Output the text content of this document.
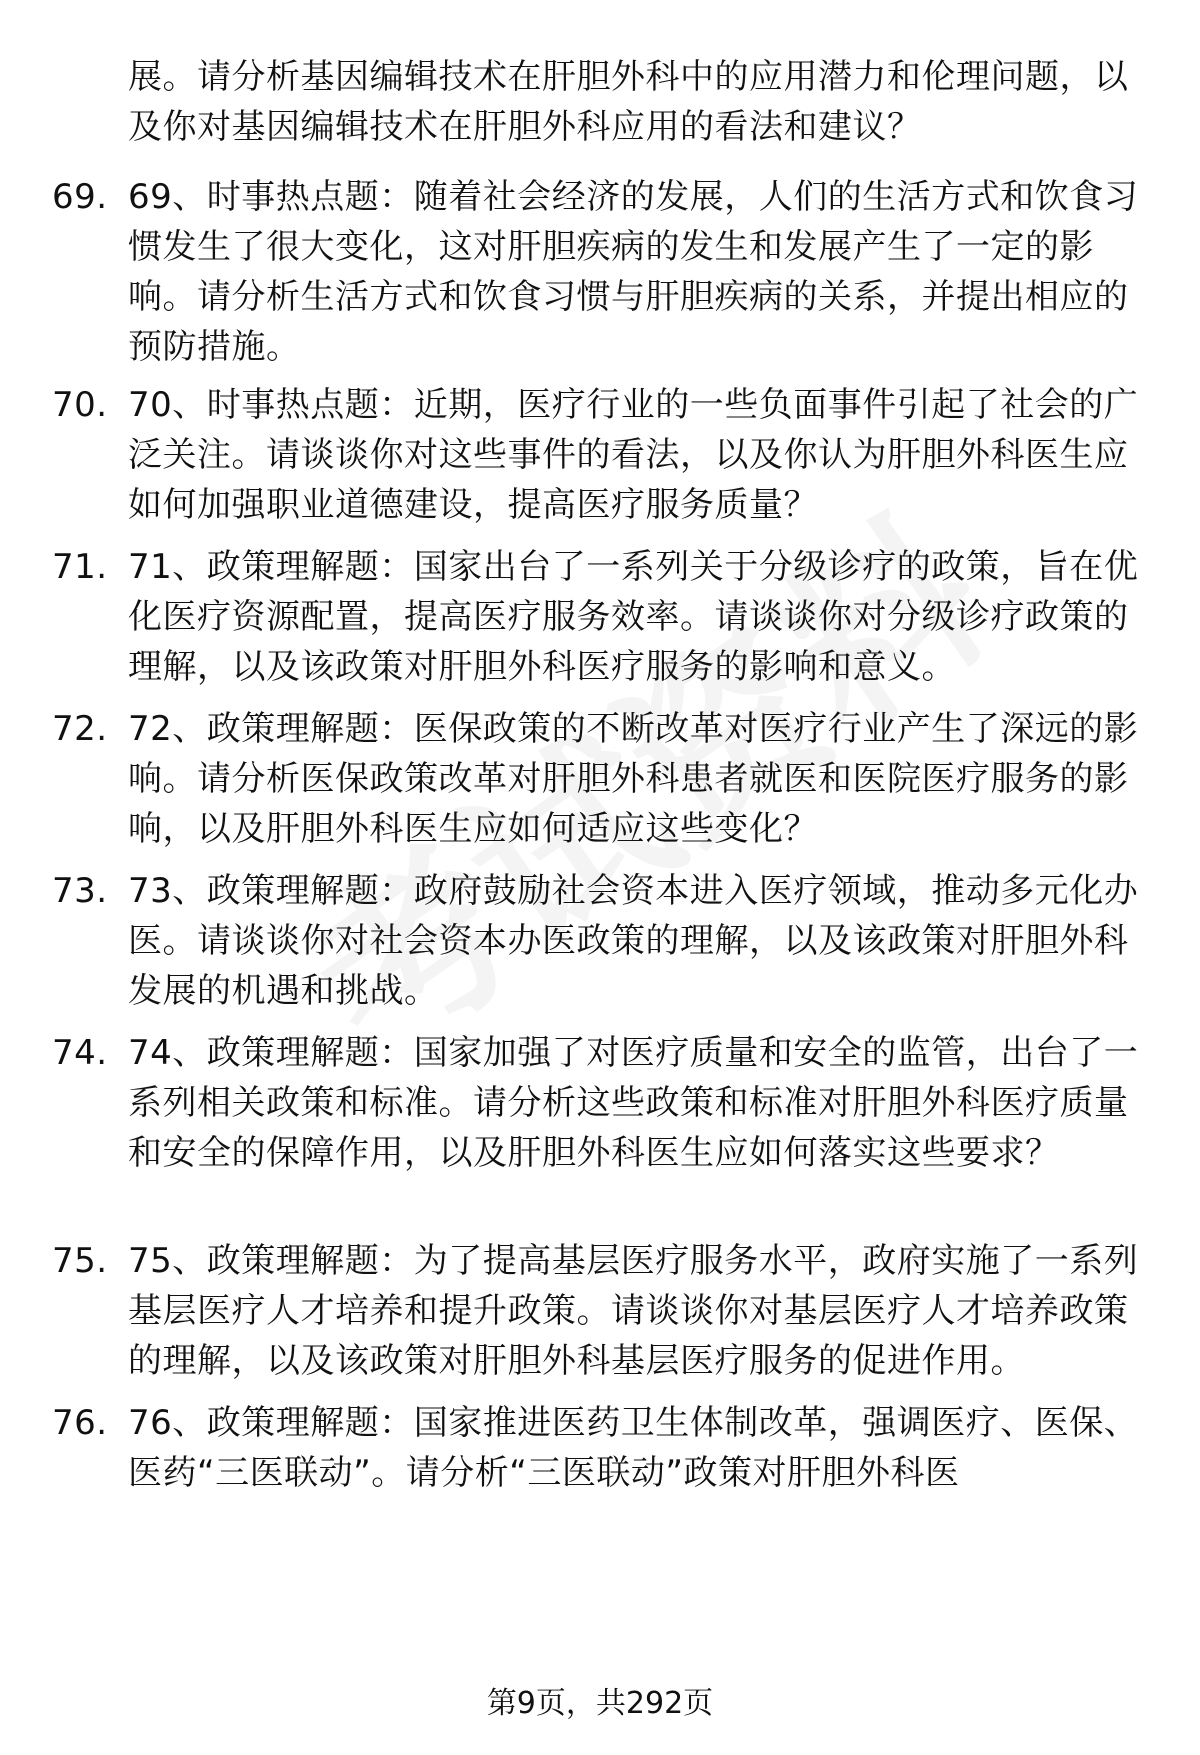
展。请分析基因编辑技术在肝胆外科中的应用潜力和伦理问题，以及你对基因编辑技术在肝胆外科应用的看法和建议？
69. 69、时事热点题：随着社会经济的发展，人们的生活方式和饮食习惯发生了很大变化，这对肝胆疾病的发生和发展产生了一定的影响。请分析生活方式和饮食习惯与肝胆疾病的关系，并提出相应的预防措施。
70. 70、时事热点题：近期，医疗行业的一些负面事件引起了社会的广泛关注。请谈谈你对这些事件的看法，以及你认为肝胆外科医生应如何加强职业道德建设，提高医疗服务质量？
71. 71、政策理解题：国家出台了一系列关于分级诊疗的政策，旨在优化医疗资源配置，提高医疗服务效率。请谈谈你对分级诊疗政策的理解，以及该政策对肝胆外科医疗服务的影响和意义。
72. 72、政策理解题：医保政策的不断改革对医疗行业产生了深远的影响。请分析医保政策改革对肝胆外科患者就医和医院医疗服务的影响，以及肝胆外科医生应如何适应这些变化？
73. 73、政策理解题：政府鼓励社会资本进入医疗领域，推动多元化办医。请谈谈你对社会资本办医政策的理解，以及该政策对肝胆外科发展的机遇和挑战。
74. 74、政策理解题：国家加强了对医疗质量和安全的监管，出台了一系列相关政策和标准。请分析这些政策和标准对肝胆外科医疗质量和安全的保障作用，以及肝胆外科医生应如何落实这些要求？
75. 75、政策理解题：为了提高基层医疗服务水平，政府实施了一系列基层医疗人才培养和提升政策。请谈谈你对基层医疗人才培养政策的理解，以及该政策对肝胆外科基层医疗服务的促进作用。
76. 76、政策理解题：国家推进医药卫生体制改革，强调医疗、医保、医药“三医联动”。请分析“三医联动”政策对肝胆外科医
第9页，共292页
